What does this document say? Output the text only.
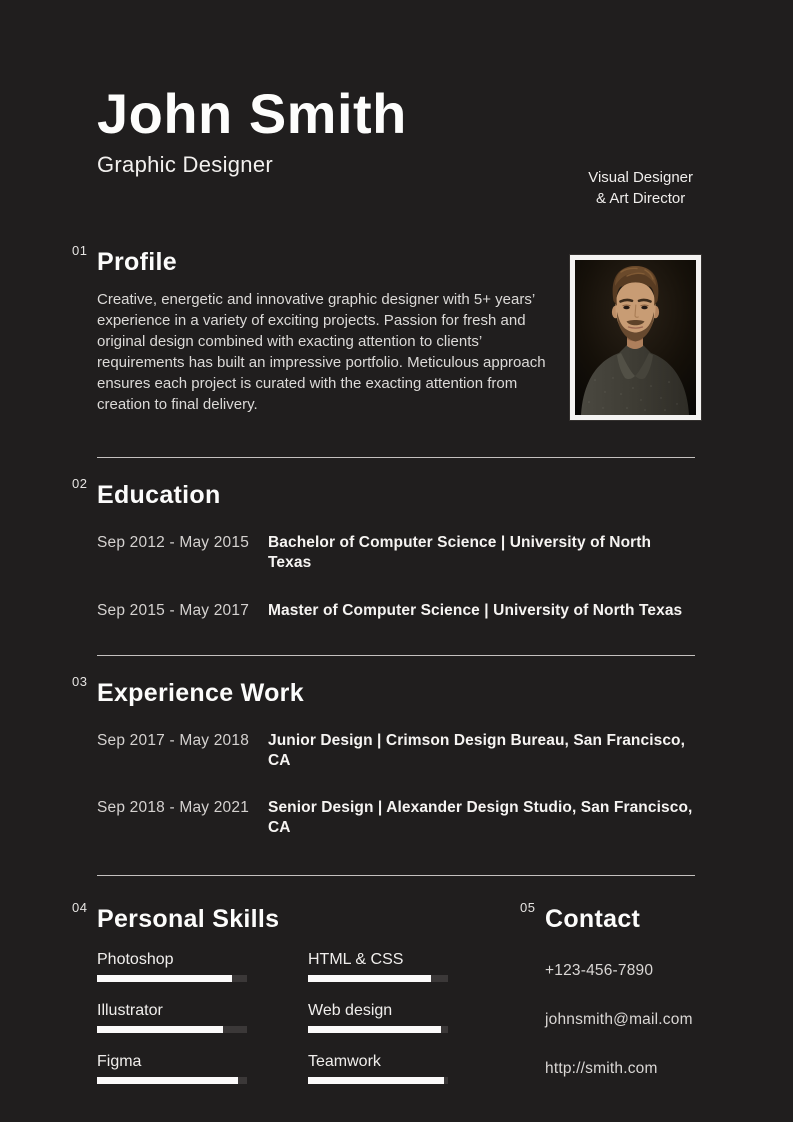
Visual Designer
& Art Director
John Smith
Graphic Designer
01 Profile

Creative, energetic and innovative graphic designer with 5+ years’ experience in a variety of exciting projects. Passion for fresh and original design combined with exacting attention to clients’ requirements has built an impressive portfolio. Meticulous approach ensures each project is curated with the exacting attention from creation to final delivery.

02 Education
Sep 2012 - May 2015	Bachelor of Computer Science | University of North Texas
Sep 2015 - May 2017	Master of Computer Science | University of North Texas
03 Experience Work
Sep 2017 - May 2018	Junior Design | Crimson Design Bureau, San Francisco, CA
Sep 2018 - May 2021	Senior Design | Alexander Design Studio, San Francisco, CA
04 Personal Skills
Photoshop	HTML & CSS
Illustrator	Web design
Figma	Teamwork
05 Contact
+123-456-7890
johnsmith@mail.com
http://smith.com
